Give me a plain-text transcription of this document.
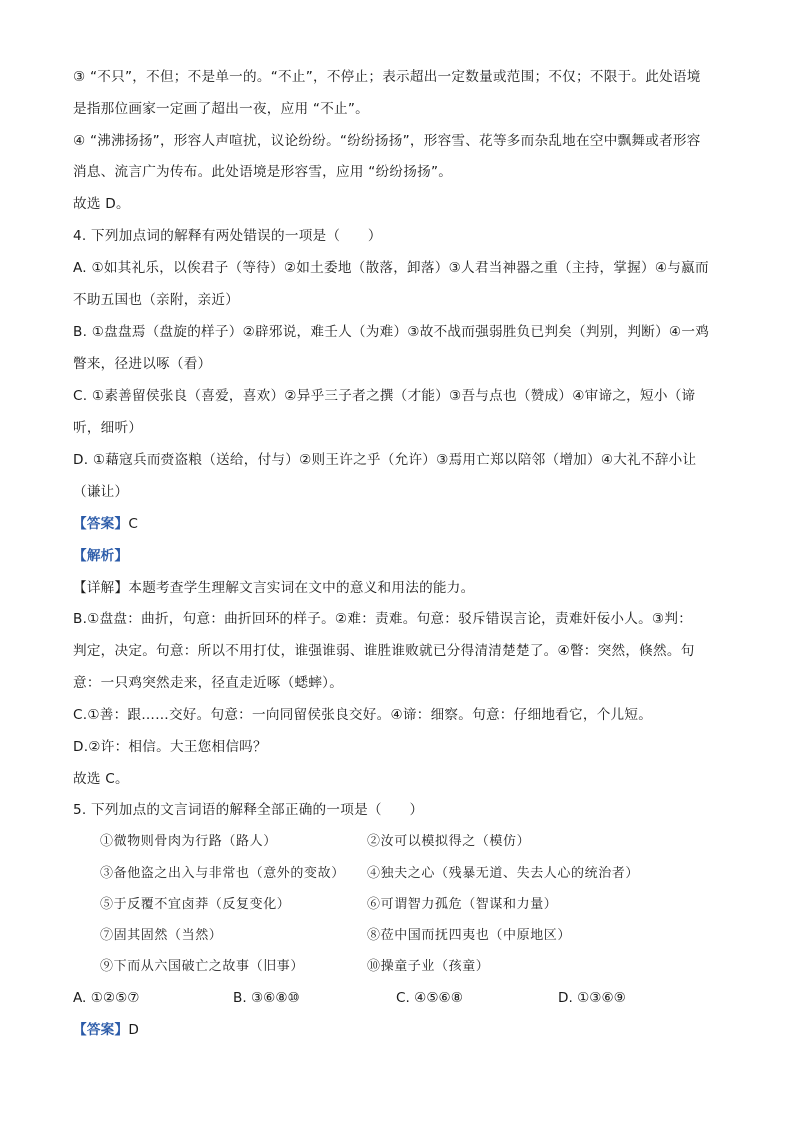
③ “不只”，不但；不是单一的。“不止”，不停止；表示超出一定数量或范围；不仅；不限于。此处语境
是指那位画家一定画了超出一夜，应用 “不止”。
④ “沸沸扬扬”，形容人声喧扰，议论纷纷。“纷纷扬扬”，形容雪、花等多而杂乱地在空中飘舞或者形容
消息、流言广为传布。此处语境是形容雪，应用 “纷纷扬扬”。
故选 D。
4. 下列加点词的解释有两处错误的一项是（　　）
A. ①如其礼乐，以俟君子（等待）②如土委地（散落，卸落）③人君当神器之重（主持，掌握）④与嬴而
不助五国也（亲附，亲近）
B. ①盘盘焉（盘旋的样子）②辟邪说，难壬人（为难）③故不战而强弱胜负已判矣（判别，判断）④一鸡
瞥来，径进以啄（看）
C. ①素善留侯张良（喜爱，喜欢）②异乎三子者之撰（才能）③吾与点也（赞成）④审谛之，短小（谛
听，细听）
D. ①藉寇兵而赍盗粮（送给，付与）②则王许之乎（允许）③焉用亡郑以陪邻（增加）④大礼不辞小让
（谦让）
【答案】C
【解析】
【详解】本题考查学生理解文言实词在文中的意义和用法的能力。
B.①盘盘：曲折，句意：曲折回环的样子。②难：责难。句意：驳斥错误言论，责难奸佞小人。③判：
判定，决定。句意：所以不用打仗，谁强谁弱、谁胜谁败就已分得清清楚楚了。④瞥：突然，倏然。句
意：一只鸡突然走来，径直走近啄（蟋蟀）。
C.①善：跟……交好。句意：一向同留侯张良交好。④谛：细察。句意：仔细地看它，个儿短。
D.②许：相信。大王您相信吗？
故选 C。
5. 下列加点的文言词语的解释全部正确的一项是（　　）
①微物则骨肉为行路（路人）	②汝可以模拟得之（模仿）
③备他盗之出入与非常也（意外的变故） ④独夫之心（残暴无道、失去人心的统治者）
⑤于反覆不宜卤莽（反复变化）	⑥可谓智力孤危（智谋和力量）
⑦固其固然（当然）	⑧莅中国而抚四夷也（中原地区）
⑨下而从六国破亡之故事（旧事）	⑩操童子业（孩童）
A. ①②⑤⑦	B. ③⑥⑧⑩	C. ④⑤⑥⑧	D. ①③⑥⑨
【答案】D
